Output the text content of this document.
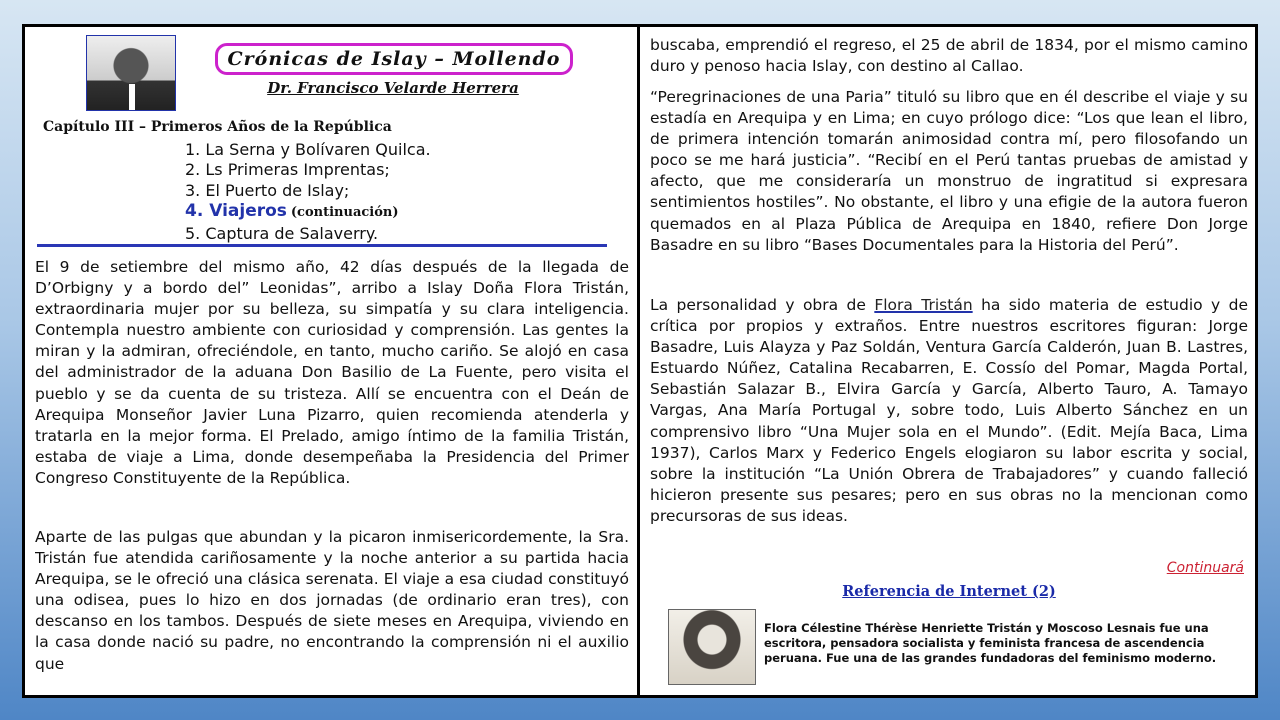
Crónicas de Islay – Mollendo
Dr. Francisco Velarde Herrera
Capítulo III – Primeros Años de la República
1. La Serna y Bolívaren Quilca.
2. Ls Primeras Imprentas;
3. El Puerto de Islay;
4. Viajeros (continuación)
5. Captura de Salaverry.

El 9 de setiembre del mismo año, 42 días después de la llegada de D’Orbigny y a bordo del” Leonidas”, arribo a Islay Doña Flora Tristán, extraordinaria mujer por su belleza, su simpatía y su clara inteligencia. Contempla nuestro ambiente con curiosidad y comprensión. Las gentes la miran y la admiran, ofreciéndole, en tanto, mucho cariño. Se alojó en casa del administrador de la aduana Don Basilio de La Fuente, pero visita el pueblo y se da cuenta de su tristeza. Allí se encuentra con el Deán de Arequipa Monseñor Javier Luna Pizarro, quien recomienda atenderla y tratarla en la mejor forma. El Prelado, amigo íntimo de la familia Tristán, estaba de viaje a Lima, donde desempeñaba la Presidencia del Primer Congreso Constituyente de la República.

Aparte de las pulgas que abundan y la picaron inmisericordemente, la Sra. Tristán fue atendida cariñosamente y la noche anterior a su partida hacia Arequipa, se le ofreció una clásica serenata. El viaje a esa ciudad constituyó una odisea, pues lo hizo en dos jornadas (de ordinario eran tres), con descanso en los tambos. Después de siete meses en Arequipa, viviendo en la casa donde nació su padre, no encontrando la comprensión ni el auxilio que

buscaba, emprendió el regreso, el 25 de abril de 1834, por el mismo camino duro y penoso hacia Islay, con destino al Callao.

“Peregrinaciones de una Paria” tituló su libro que en él describe el viaje y su estadía en Arequipa y en Lima; en cuyo prólogo dice: “Los que lean el libro, de primera intención tomarán animosidad contra mí, pero filosofando un poco se me hará justicia”. “Recibí en el Perú tantas pruebas de amistad y afecto, que me consideraría un monstruo de ingratitud si expresara sentimientos hostiles”. No obstante, el libro y una efigie de la autora fueron quemados en al Plaza Pública de Arequipa en 1840, refiere Don Jorge Basadre en su libro “Bases Documentales para la Historia del Perú”.

La personalidad y obra de Flora Tristán ha sido materia de estudio y de crítica por propios y extraños. Entre nuestros escritores figuran: Jorge Basadre, Luis Alayza y Paz Soldán, Ventura García Calderón, Juan B. Lastres, Estuardo Núñez, Catalina Recabarren, E. Cossío del Pomar, Magda Portal, Sebastián Salazar B., Elvira García y García, Alberto Tauro, A. Tamayo Vargas, Ana María Portugal y, sobre todo, Luis Alberto Sánchez en un comprensivo libro “Una Mujer sola en el Mundo”. (Edit. Mejía Baca, Lima 1937), Carlos Marx y Federico Engels elogiaron su labor escrita y social, sobre la institución “La Unión Obrera de Trabajadores” y cuando falleció hicieron presente sus pesares; pero en sus obras no la mencionan como precursoras de sus ideas.

Continuará
Referencia de Internet (2)
Flora Célestine Thérèse Henriette Tristán y Moscoso Lesnais fue una escritora, pensadora socialista y feminista francesa de ascendencia peruana. Fue una de las grandes fundadoras del feminismo moderno.
